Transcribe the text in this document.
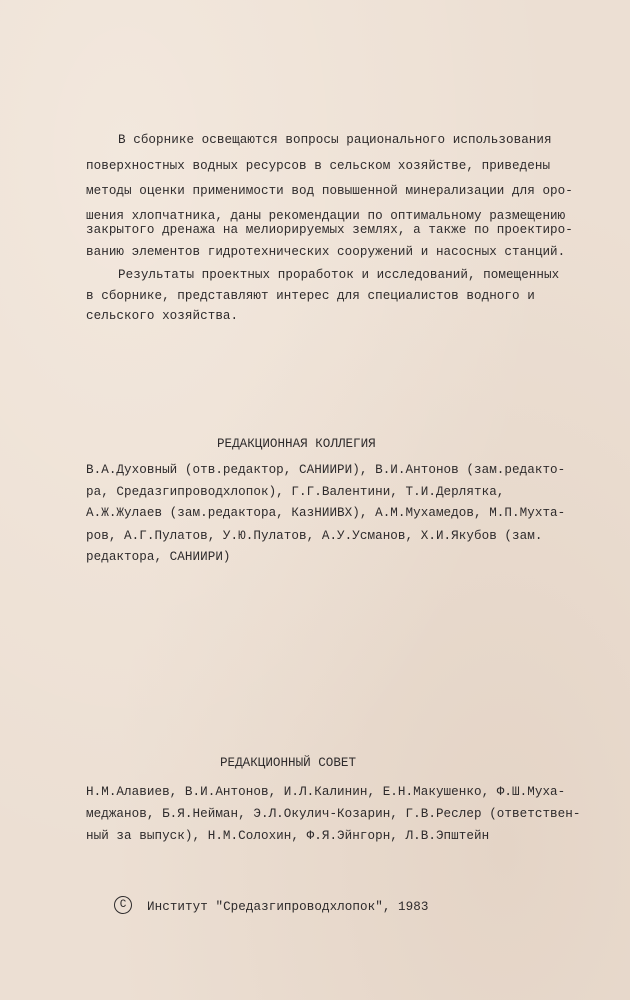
В сборнике освещаются вопросы рационального использования
поверхностных водных ресурсов в сельском хозяйстве, приведены
методы оценки применимости вод повышенной минерализации для оро-
шения хлопчатника, даны рекомендации по оптимальному размещению
закрытого дренажа на мелиорируемых землях, а также по проектиро-
ванию элементов гидротехнических сооружений и насосных станций.
Результаты проектных проработок и исследований, помещенных
в сборнике, представляют интерес для специалистов водного и
сельского хозяйства.
РЕДАКЦИОННАЯ КОЛЛЕГИЯ
В.А.Духовный (отв.редактор, САНИИРИ), В.И.Антонов (зам.редакто-
ра, Средазгипроводхлопок), Г.Г.Валентини, Т.И.Дерлятка,
А.Ж.Жулаев (зам.редактора, КазНИИВХ), А.М.Мухамедов, М.П.Мухта-
ров, А.Г.Пулатов, У.Ю.Пулатов, А.У.Усманов, Х.И.Якубов (зам.
редактора, САНИИРИ)
РЕДАКЦИОННЫЙ СОВЕТ
Н.М.Алавиев, В.И.Антонов, И.Л.Калинин, Е.Н.Макушенко, Ф.Ш.Муха-
меджанов, Б.Я.Нейман, Э.Л.Окулич-Козарин, Г.В.Реслер (ответствен-
ный за выпуск), Н.М.Солохин, Ф.Я.Эйнгорн, Л.В.Эпштейн
C	Институт "Средазгипроводхлопок", 1983
